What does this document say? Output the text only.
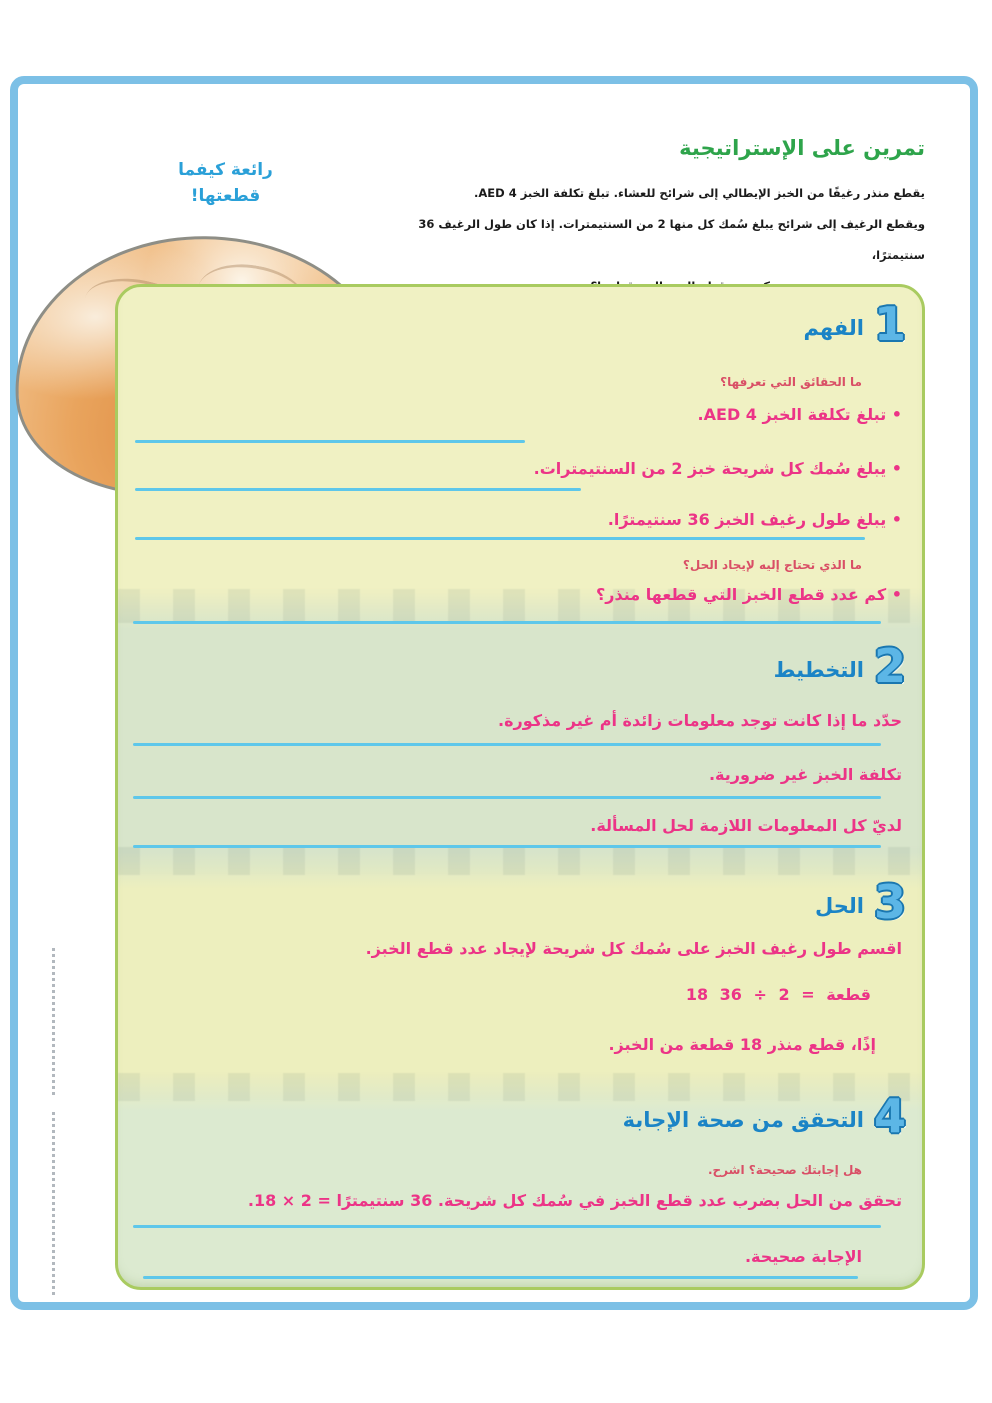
تمرين على الإستراتيجية
يقطع منذر رغيفًا من الخبز الإيطالي إلى شرائح للعشاء. تبلغ تكلفة الخبز AED 4.
ويقطع الرغيف إلى شرائح يبلغ سُمك كل منها 2 من السنتيمترات. إذا كان طول الرغيف 36 سنتيمترًا،
رائعة كيفما
قطعتها!
1
الفهم
ما الحقائق التي تعرفها؟
• تبلغ تكلفة الخبز AED 4.
• يبلغ سُمك كل شريحة خبز 2 من السنتيمترات.
• يبلغ طول رغيف الخبز 36 سنتيمترًا.
ما الذي تحتاج إليه لإيجاد الحل؟
• كم عدد قطع الخبز التي قطعها منذر؟
2
التخطيط
حدّد ما إذا كانت توجد معلومات زائدة أم غير مذكورة.
تكلفة الخبز غير ضرورية.
لديّ كل المعلومات اللازمة لحل المسألة.
3
الحل
اقسم طول رغيف الخبز على سُمك كل شريحة لإيجاد عدد قطع الخبز.
18	قطعة = 2 ÷ 36
إذًا، قطع منذر 18 قطعة من الخبز.
4
التحقق من صحة الإجابة
هل إجابتك صحيحة؟ اشرح.
تحقق من الحل بضرب عدد قطع الخبز في سُمك كل شريحة. 36 سنتيمترًا = 2 × 18.
الإجابة صحيحة.
